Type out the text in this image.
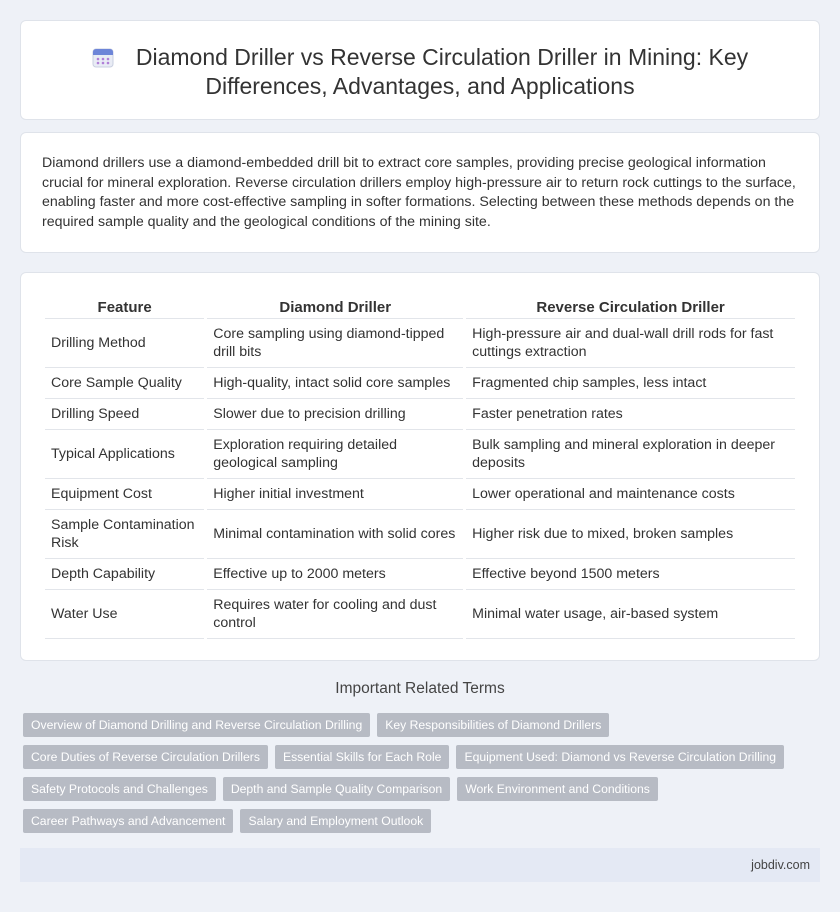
Diamond Driller vs Reverse Circulation Driller in Mining: Key Differences, Advantages, and Applications

Diamond drillers use a diamond-embedded drill bit to extract core samples, providing precise geological information crucial for mineral exploration. Reverse circulation drillers employ high-pressure air to return rock cuttings to the surface, enabling faster and more cost-effective sampling in softer formations. Selecting between these methods depends on the required sample quality and the geological conditions of the mining site.

Feature	Diamond Driller	Reverse Circulation Driller
Drilling Method	Core sampling using diamond-tipped drill bits	High-pressure air and dual-wall drill rods for fast cuttings extraction
Core Sample Quality	High-quality, intact solid core samples	Fragmented chip samples, less intact
Drilling Speed	Slower due to precision drilling	Faster penetration rates
Typical Applications	Exploration requiring detailed geological sampling	Bulk sampling and mineral exploration in deeper deposits
Equipment Cost	Higher initial investment	Lower operational and maintenance costs
Sample Contamination Risk	Minimal contamination with solid cores	Higher risk due to mixed, broken samples
Depth Capability	Effective up to 2000 meters	Effective beyond 1500 meters
Water Use	Requires water for cooling and dust control	Minimal water usage, air-based system
Important Related Terms
Overview of Diamond Drilling and Reverse Circulation Drilling	Key Responsibilities of Diamond Drillers
Core Duties of Reverse Circulation Drillers	Essential Skills for Each Role	Equipment Used: Diamond vs Reverse Circulation Drilling
Safety Protocols and Challenges	Depth and Sample Quality Comparison	Work Environment and Conditions
Career Pathways and Advancement	Salary and Employment Outlook
jobdiv.com
